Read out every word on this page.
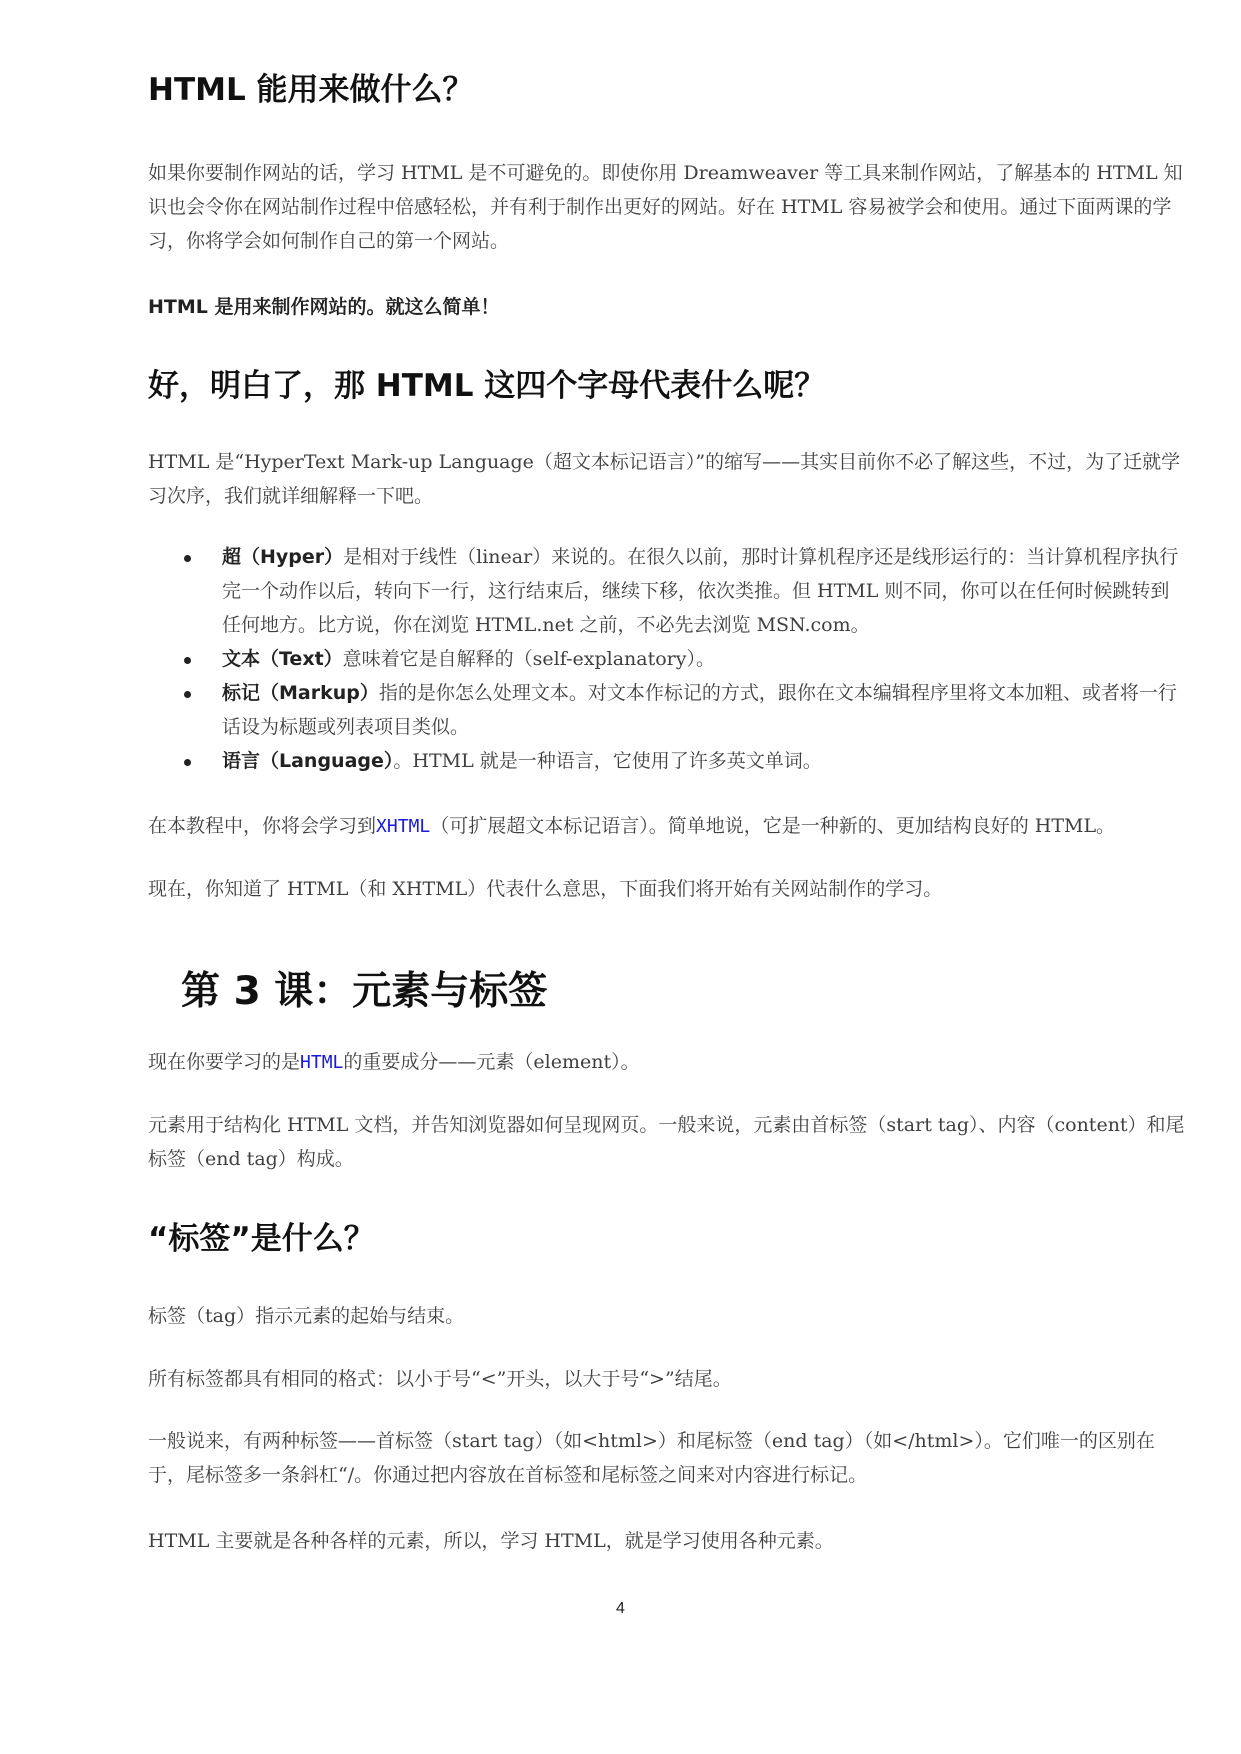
HTML 能用来做什么？

如果你要制作网站的话，学习 HTML 是不可避免的。即使你用 Dreamweaver 等工具来制作网站，了解基本的 HTML 知识也会令你在网站制作过程中倍感轻松，并有利于制作出更好的网站。好在 HTML 容易被学会和使用。通过下面两课的学习，你将学会如何制作自己的第一个网站。

HTML 是用来制作网站的。就这么简单！

好，明白了，那 HTML 这四个字母代表什么呢？

HTML 是“HyperText Mark-up Language（超文本标记语言）”的缩写——其实目前你不必了解这些，不过，为了迁就学习次序，我们就详细解释一下吧。

超（Hyper）是相对于线性（linear）来说的。在很久以前，那时计算机程序还是线形运行的：当计算机程序执行完一个动作以后，转向下一行，这行结束后，继续下移，依次类推。但 HTML 则不同，你可以在任何时候跳转到任何地方。比方说，你在浏览 HTML.net 之前，不必先去浏览 MSN.com。
文本（Text）意味着它是自解释的（self-explanatory）。
标记（Markup）指的是你怎么处理文本。对文本作标记的方式，跟你在文本编辑程序里将文本加粗、或者将一行话设为标题或列表项目类似。
语言（Language）。HTML 就是一种语言，它使用了许多英文单词。

在本教程中，你将会学习到XHTML（可扩展超文本标记语言）。简单地说，它是一种新的、更加结构良好的 HTML。

现在，你知道了 HTML（和 XHTML）代表什么意思，下面我们将开始有关网站制作的学习。

第 3 课：元素与标签

现在你要学习的是HTML的重要成分——元素（element）。

元素用于结构化 HTML 文档，并告知浏览器如何呈现网页。一般来说，元素由首标签（start tag）、内容（content）和尾标签（end tag）构成。

“标签”是什么？

标签（tag）指示元素的起始与结束。

所有标签都具有相同的格式：以小于号“<”开头，以大于号“>”结尾。

一般说来，有两种标签——首标签（start tag）（如<html>）和尾标签（end tag）（如</html>）。它们唯一的区别在于，尾标签多一条斜杠“/。你通过把内容放在首标签和尾标签之间来对内容进行标记。

HTML 主要就是各种各样的元素，所以，学习 HTML，就是学习使用各种元素。

4
